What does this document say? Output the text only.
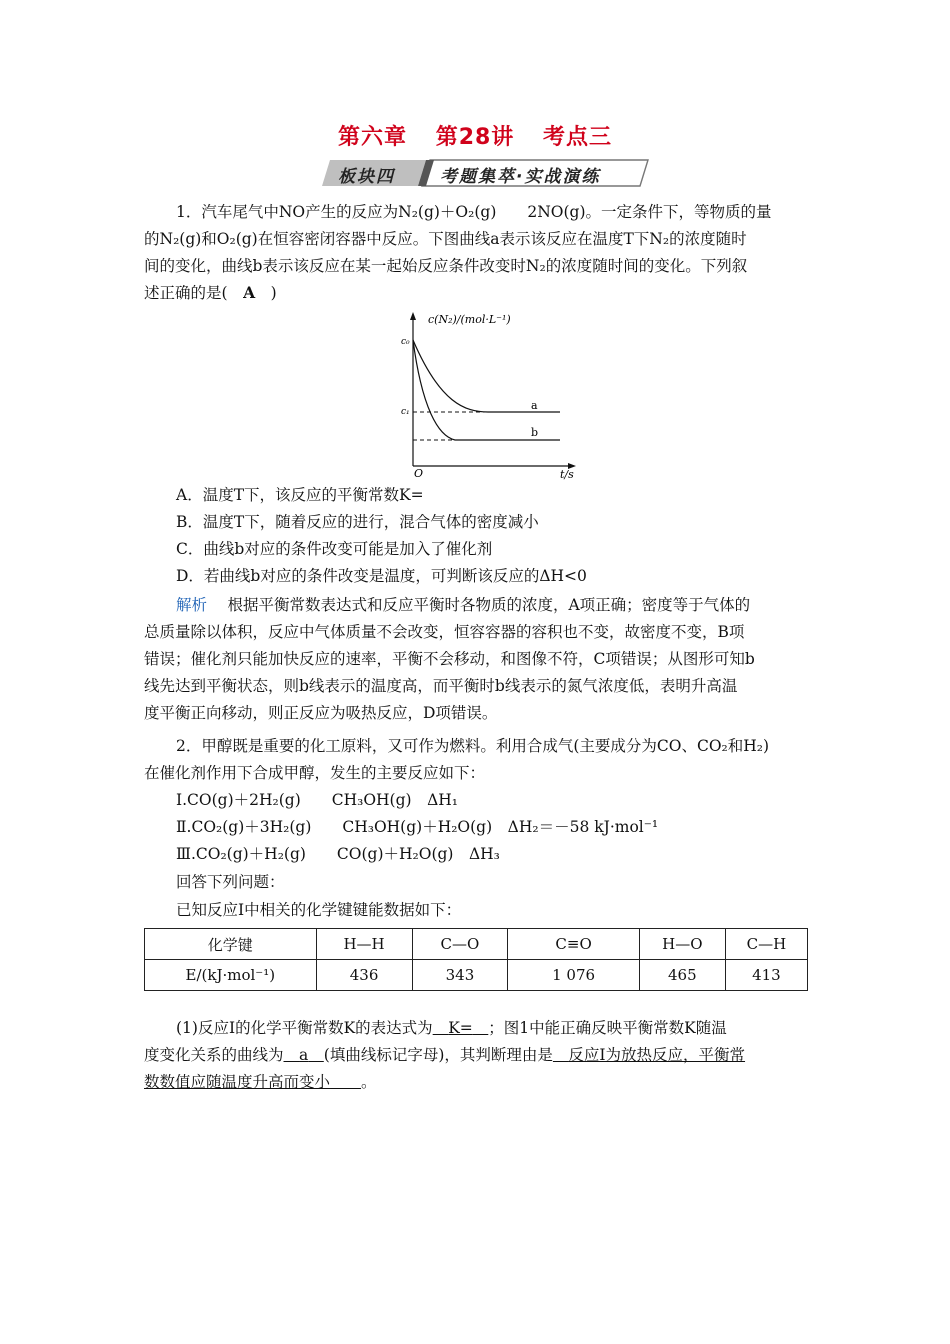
第六章 第28讲 考点三
板块四	考题集萃·实战演练
1．汽车尾气中NO产生的反应为N₂(g)＋O₂(g)　　2NO(g)。一定条件下，等物质的量
的N₂(g)和O₂(g)在恒容密闭容器中反应。下图曲线a表示该反应在温度T下N₂的浓度随时
间的变化，曲线b表示该反应在某一起始反应条件改变时N₂的浓度随时间的变化。下列叙
述正确的是(　A　)
c(N₂)/(mol·L⁻¹)
t/s
O
c₀
c₁	a
b
A．温度T下，该反应的平衡常数K=
B．温度T下，随着反应的进行，混合气体的密度减小
C．曲线b对应的条件改变可能是加入了催化剂
D．若曲线b对应的条件改变是温度，可判断该反应的ΔH<0
解析　 根据平衡常数表达式和反应平衡时各物质的浓度，A项正确；密度等于气体的
总质量除以体积，反应中气体质量不会改变，恒容容器的容积也不变，故密度不变，B项
错误；催化剂只能加快反应的速率，平衡不会移动，和图像不符，C项错误；从图形可知b
线先达到平衡状态，则b线表示的温度高，而平衡时b线表示的氮气浓度低，表明升高温
度平衡正向移动，则正反应为吸热反应，D项错误。
2．甲醇既是重要的化工原料，又可作为燃料。利用合成气(主要成分为CO、CO₂和H₂)
在催化剂作用下合成甲醇，发生的主要反应如下：
Ⅰ.CO(g)＋2H₂(g)　　CH₃OH(g)　ΔH₁
Ⅱ.CO₂(g)＋3H₂(g)　　CH₃OH(g)＋H₂O(g)　ΔH₂＝－58 kJ·mol⁻¹
Ⅲ.CO₂(g)＋H₂(g)　　CO(g)＋H₂O(g)　ΔH₃
回答下列问题：
已知反应Ⅰ中相关的化学键键能数据如下：
化学键	H—H	C—O	C≡O	H—O	C—H
E/(kJ·mol⁻¹)	436	343	1 076	465	413
(1)反应Ⅰ的化学平衡常数K的表达式为　 K=　 ；图1中能正确反映平衡常数K随温
度变化关系的曲线为　 a　 (填曲线标记字母)，其判断理由是　 反应Ⅰ为放热反应，平衡常
数数值应随温度升高而变小　　 。
